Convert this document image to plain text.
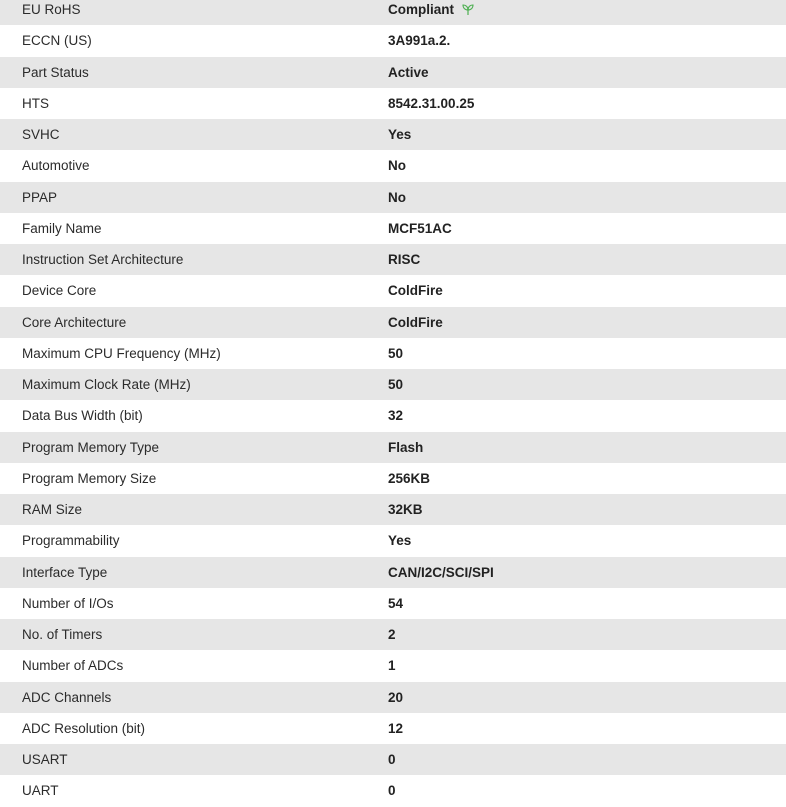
EU RoHS	Compliant
ECCN (US)	3A991a.2.
Part Status	Active
HTS	8542.31.00.25
SVHC	Yes
Automotive	No
PPAP	No
Family Name	MCF51AC
Instruction Set Architecture	RISC
Device Core	ColdFire
Core Architecture	ColdFire
Maximum CPU Frequency (MHz)	50
Maximum Clock Rate (MHz)	50
Data Bus Width (bit)	32
Program Memory Type	Flash
Program Memory Size	256KB
RAM Size	32KB
Programmability	Yes
Interface Type	CAN/I2C/SCI/SPI
Number of I/Os	54
No. of Timers	2
Number of ADCs	1
ADC Channels	20
ADC Resolution (bit)	12
USART	0
UART	0
